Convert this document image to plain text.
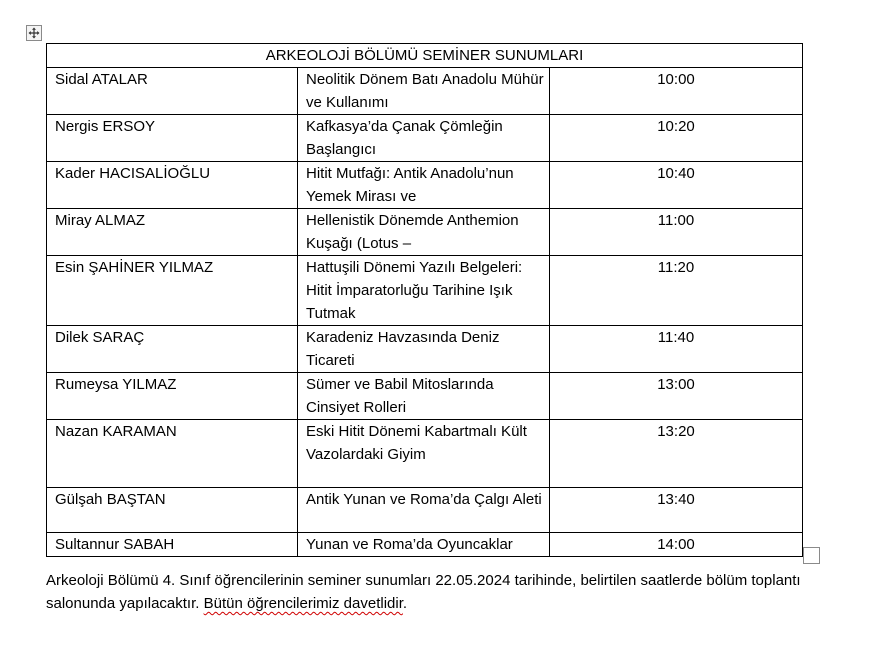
ARKEOLOJİ BÖLÜMÜ SEMİNER SUNUMLARI		
Sidal ATALAR	Neolitik Dönem Batı Anadolu Mühür ve Kullanımı	10:00
Nergis ERSOY	Kafkasya’da Çanak Çömleğin Başlangıcı	10:20
Kader HACISALİOĞLU	Hitit Mutfağı: Antik Anadolu’nun Yemek Mirası ve	10:40
Miray ALMAZ	Hellenistik Dönemde Anthemion Kuşağı (Lotus –	11:00
Esin ŞAHİNER YILMAZ	Hattuşili Dönemi Yazılı Belgeleri: Hitit İmparatorluğu Tarihine Işık Tutmak	11:20
Dilek SARAÇ	Karadeniz Havzasında Deniz Ticareti	11:40
Rumeysa YILMAZ	Sümer ve Babil Mitoslarında Cinsiyet Rolleri	13:00
Nazan KARAMAN	Eski Hitit Dönemi Kabartmalı Kült Vazolardaki Giyim	13:20
Gülşah BAŞTAN	Antik Yunan ve Roma’da Çalgı Aleti	13:40
Sultannur SABAH	Yunan ve Roma’da Oyuncaklar	14:00

Arkeoloji Bölümü 4. Sınıf öğrencilerinin seminer sunumları 22.05.2024 tarihinde, belirtilen saatlerde bölüm toplantı salonunda yapılacaktır. Bütün öğrencilerimiz davetlidir.
